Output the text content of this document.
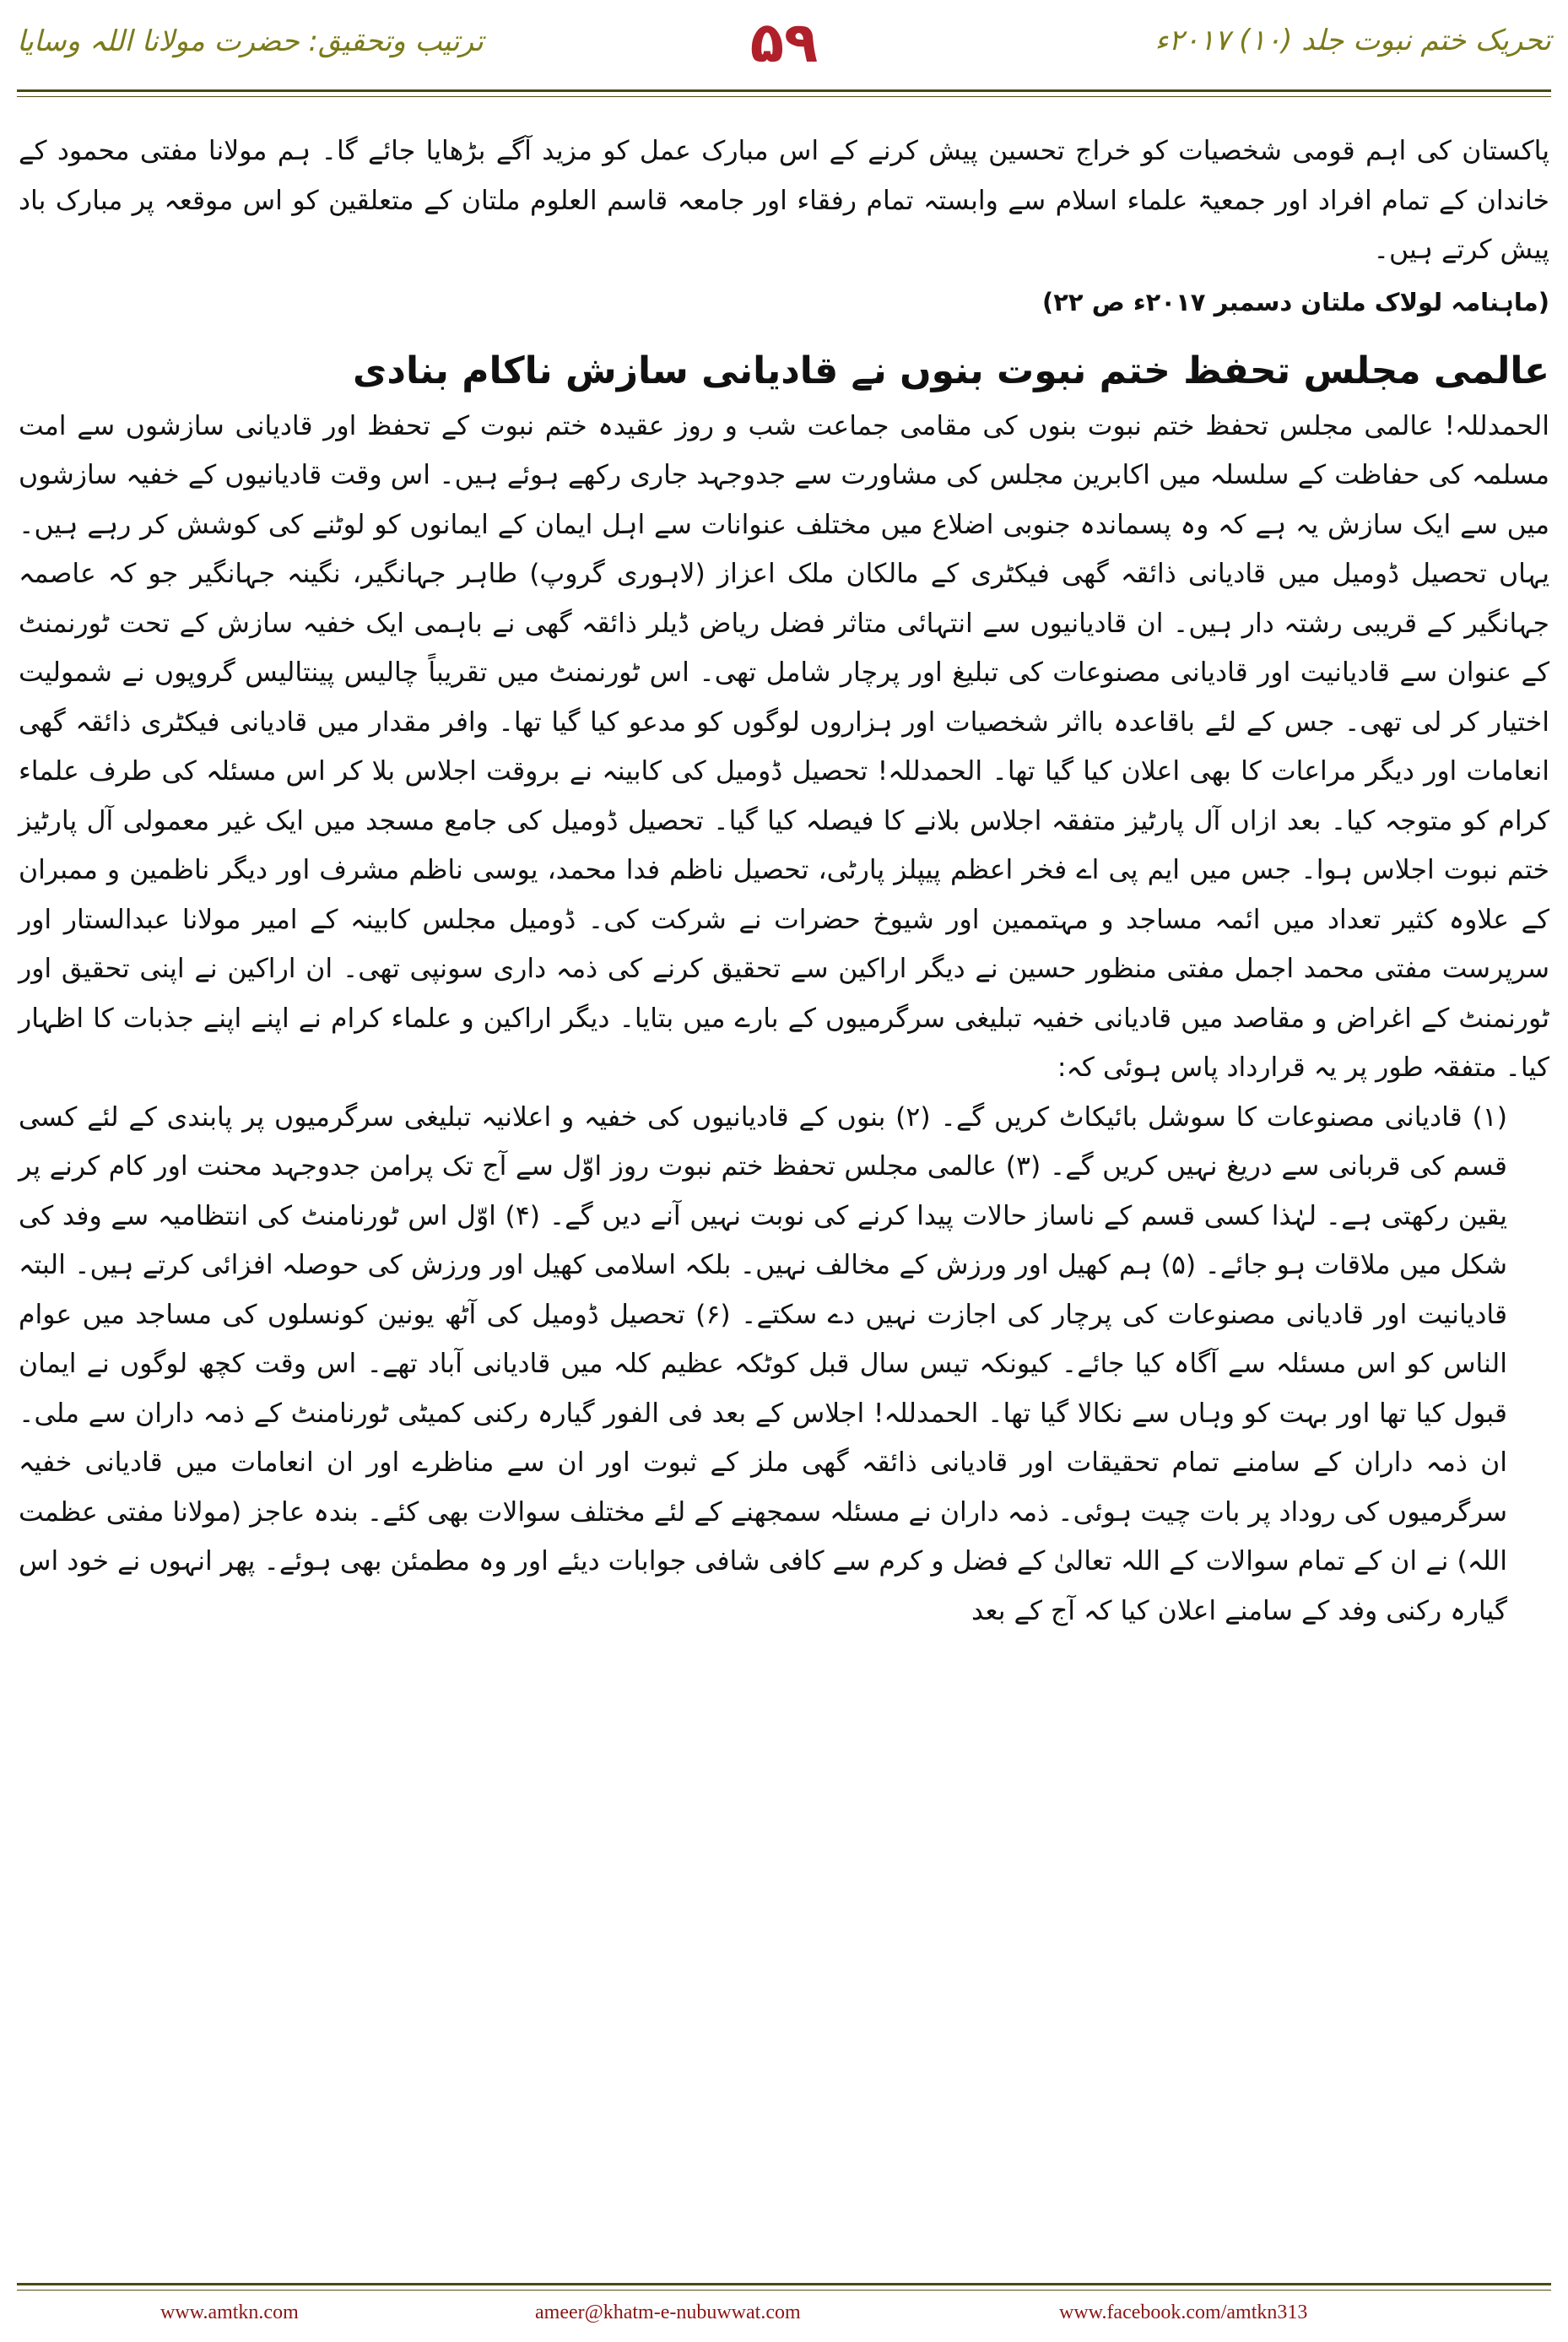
ترتیب وتحقیق: حضرت مولانا اللہ وسایا	۵۹	تحریک ختم نبوت جلد (۱۰) ۲۰۱۷ء

پاکستان کی اہم قومی شخصیات کو خراج تحسین پیش کرنے کے اس مبارک عمل کو مزید آگے بڑھایا جائے گا۔ ہم مولانا مفتی محمود کے خاندان کے تمام افراد اور جمعیۃ علماء اسلام سے وابستہ تمام رفقاء اور جامعہ قاسم العلوم ملتان کے متعلقین کو اس موقعہ پر مبارک باد پیش کرتے ہیں۔

(ماہنامہ لولاک ملتان دسمبر ۲۰۱۷ء ص ۲۲)

عالمی مجلس تحفظ ختم نبوت بنوں نے قادیانی سازش ناکام بنادی

الحمدللہ! عالمی مجلس تحفظ ختم نبوت بنوں کی مقامی جماعت شب و روز عقیدہ ختم نبوت کے تحفظ اور قادیانی سازشوں سے امت مسلمہ کی حفاظت کے سلسلہ میں اکابرین مجلس کی مشاورت سے جدوجہد جاری رکھے ہوئے ہیں۔ اس وقت قادیانیوں کے خفیہ سازشوں میں سے ایک سازش یہ ہے کہ وہ پسماندہ جنوبی اضلاع میں مختلف عنوانات سے اہل ایمان کے ایمانوں کو لوٹنے کی کوشش کر رہے ہیں۔ یہاں تحصیل ڈومیل میں قادیانی ذائقہ گھی فیکٹری کے مالکان ملک اعزاز (لاہوری گروپ) طاہر جہانگیر، نگینہ جہانگیر جو کہ عاصمہ جہانگیر کے قریبی رشتہ دار ہیں۔ ان قادیانیوں سے انتہائی متاثر فضل ریاض ڈیلر ذائقہ گھی نے باہمی ایک خفیہ سازش کے تحت ٹورنمنٹ کے عنوان سے قادیانیت اور قادیانی مصنوعات کی تبلیغ اور پرچار شامل تھی۔ اس ٹورنمنٹ میں تقریباً چالیس پینتالیس گروپوں نے شمولیت اختیار کر لی تھی۔ جس کے لئے باقاعدہ بااثر شخصیات اور ہزاروں لوگوں کو مدعو کیا گیا تھا۔ وافر مقدار میں قادیانی فیکٹری ذائقہ گھی انعامات اور دیگر مراعات کا بھی اعلان کیا گیا تھا۔ الحمدللہ! تحصیل ڈومیل کی کابینہ نے بروقت اجلاس بلا کر اس مسئلہ کی طرف علماء کرام کو متوجہ کیا۔ بعد ازاں آل پارٹیز متفقہ اجلاس بلانے کا فیصلہ کیا گیا۔ تحصیل ڈومیل کی جامع مسجد میں ایک غیر معمولی آل پارٹیز ختم نبوت اجلاس ہوا۔ جس میں ایم پی اے فخر اعظم پیپلز پارٹی، تحصیل ناظم فدا محمد، یوسی ناظم مشرف اور دیگر ناظمین و ممبران کے علاوہ کثیر تعداد میں ائمہ مساجد و مہتممین اور شیوخ حضرات نے شرکت کی۔ ڈومیل مجلس کابینہ کے امیر مولانا عبدالستار اور سرپرست مفتی محمد اجمل مفتی منظور حسین نے دیگر اراکین سے تحقیق کرنے کی ذمہ داری سونپی تھی۔ ان اراکین نے اپنی تحقیق اور ٹورنمنٹ کے اغراض و مقاصد میں قادیانی خفیہ تبلیغی سرگرمیوں کے بارے میں بتایا۔ دیگر اراکین و علماء کرام نے اپنے اپنے جذبات کا اظہار کیا۔ متفقہ طور پر یہ قرارداد پاس ہوئی کہ:

(۱) قادیانی مصنوعات کا سوشل بائیکاٹ کریں گے۔ (۲) بنوں کے قادیانیوں کی خفیہ و اعلانیہ تبلیغی سرگرمیوں پر پابندی کے لئے کسی قسم کی قربانی سے دریغ نہیں کریں گے۔ (۳) عالمی مجلس تحفظ ختم نبوت روز اوّل سے آج تک پرامن جدوجہد محنت اور کام کرنے پر یقین رکھتی ہے۔ لہٰذا کسی قسم کے ناساز حالات پیدا کرنے کی نوبت نہیں آنے دیں گے۔ (۴) اوّل اس ٹورنامنٹ کی انتظامیہ سے وفد کی شکل میں ملاقات ہو جائے۔ (۵) ہم کھیل اور ورزش کے مخالف نہیں۔ بلکہ اسلامی کھیل اور ورزش کی حوصلہ افزائی کرتے ہیں۔ البتہ قادیانیت اور قادیانی مصنوعات کی پرچار کی اجازت نہیں دے سکتے۔ (۶) تحصیل ڈومیل کی آٹھ یونین کونسلوں کی مساجد میں عوام الناس کو اس مسئلہ سے آگاہ کیا جائے۔ کیونکہ تیس سال قبل کوٹکہ عظیم کلہ میں قادیانی آباد تھے۔ اس وقت کچھ لوگوں نے ایمان قبول کیا تھا اور بہت کو وہاں سے نکالا گیا تھا۔ الحمدللہ! اجلاس کے بعد فی الفور گیارہ رکنی کمیٹی ٹورنامنٹ کے ذمہ داران سے ملی۔ ان ذمہ داران کے سامنے تمام تحقیقات اور قادیانی ذائقہ گھی ملز کے ثبوت اور ان سے مناظرے اور ان انعامات میں قادیانی خفیہ سرگرمیوں کی روداد پر بات چیت ہوئی۔ ذمہ داران نے مسئلہ سمجھنے کے لئے مختلف سوالات بھی کئے۔ بندہ عاجز (مولانا مفتی عظمت اللہ) نے ان کے تمام سوالات کے اللہ تعالیٰ کے فضل و کرم سے کافی شافی جوابات دیئے اور وہ مطمئن بھی ہوئے۔ پھر انہوں نے خود اس گیارہ رکنی وفد کے سامنے اعلان کیا کہ آج کے بعد

www.amtkn.com	ameer@khatm-e-nubuwwat.com	www.facebook.com/amtkn313
